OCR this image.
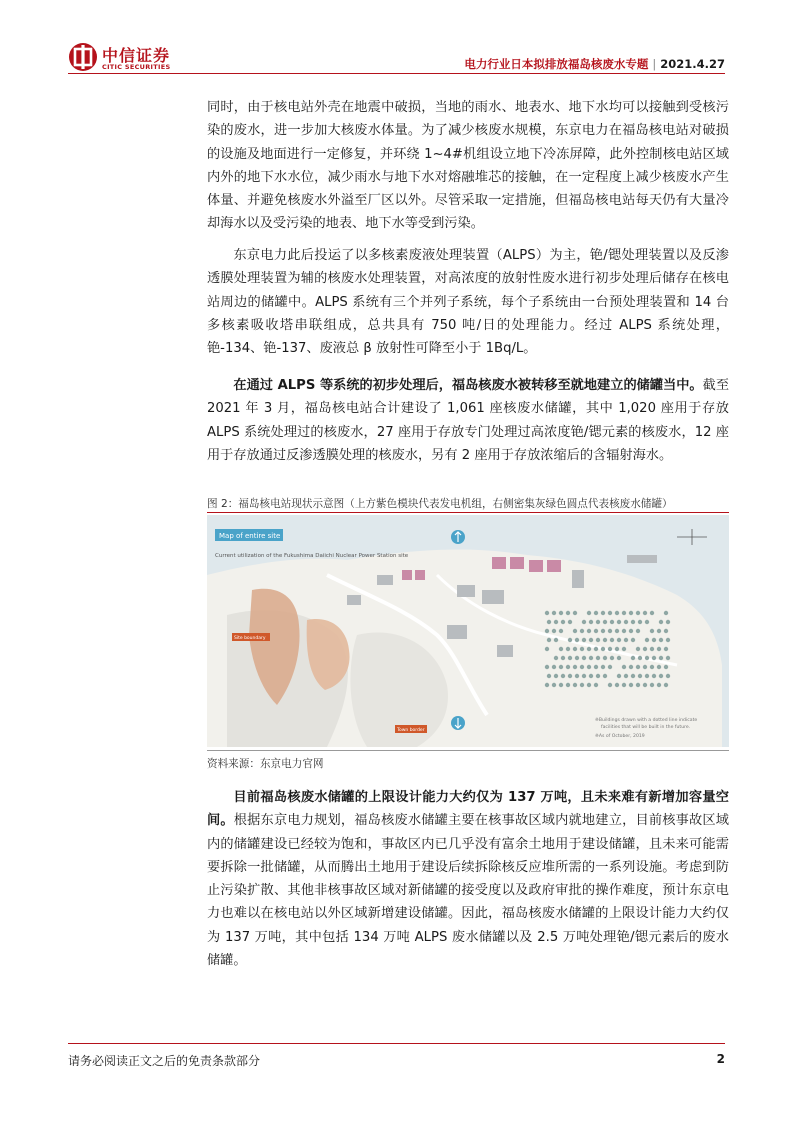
中信证券
CITIC SECURITIES	电力行业日本拟排放福岛核废水专题 | 2021.4.27

同时，由于核电站外壳在地震中破损，当地的雨水、地表水、地下水均可以接触到受核污染的废水，进一步加大核废水体量。为了减少核废水规模，东京电力在福岛核电站对破损的设施及地面进行一定修复，并环绕 1~4#机组设立地下冷冻屏障，此外控制核电站区域内外的地下水水位，减少雨水与地下水对熔融堆芯的接触，在一定程度上减少核废水产生体量、并避免核废水外溢至厂区以外。尽管采取一定措施，但福岛核电站每天仍有大量冷却海水以及受污染的地表、地下水等受到污染。

东京电力此后投运了以多核素废液处理装置（ALPS）为主，铯/锶处理装置以及反渗透膜处理装置为辅的核废水处理装置，对高浓度的放射性废水进行初步处理后储存在核电站周边的储罐中。ALPS 系统有三个并列子系统，每个子系统由一台预处理装置和 14 台多核素吸收塔串联组成，总共具有 750 吨/日的处理能力。经过 ALPS 系统处理，铯-134、铯-137、废液总 β 放射性可降至小于 1Bq/L。

在通过 ALPS 等系统的初步处理后，福岛核废水被转移至就地建立的储罐当中。截至 2021 年 3 月，福岛核电站合计建设了 1,061 座核废水储罐，其中 1,020 座用于存放 ALPS 系统处理过的核废水，27 座用于存放专门处理过高浓度铯/锶元素的核废水，12 座用于存放通过反渗透膜处理的核废水，另有 2 座用于存放浓缩后的含辐射海水。

图 2：福岛核电站现状示意图（上方紫色模块代表发电机组，右侧密集灰绿色圆点代表核废水储罐）
Map of entire site
Current utilization of the Fukushima Daiichi Nuclear Power Station site
Site boundary
Town border
※Buildings drawn with a dotted line indicate
facilities that will be built in the future.
※As of October, 2019
资料来源：东京电力官网

目前福岛核废水储罐的上限设计能力大约仅为 137 万吨，且未来难有新增加容量空间。根据东京电力规划，福岛核废水储罐主要在核事故区域内就地建立，目前核事故区域内的储罐建设已经较为饱和，事故区内已几乎没有富余土地用于建设储罐，且未来可能需要拆除一批储罐，从而腾出土地用于建设后续拆除核反应堆所需的一系列设施。考虑到防止污染扩散、其他非核事故区域对新储罐的接受度以及政府审批的操作难度，预计东京电力也难以在核电站以外区域新增建设储罐。因此，福岛核废水储罐的上限设计能力大约仅为 137 万吨，其中包括 134 万吨 ALPS 废水储罐以及 2.5 万吨处理铯/锶元素后的废水储罐。

请务必阅读正文之后的免责条款部分	2
